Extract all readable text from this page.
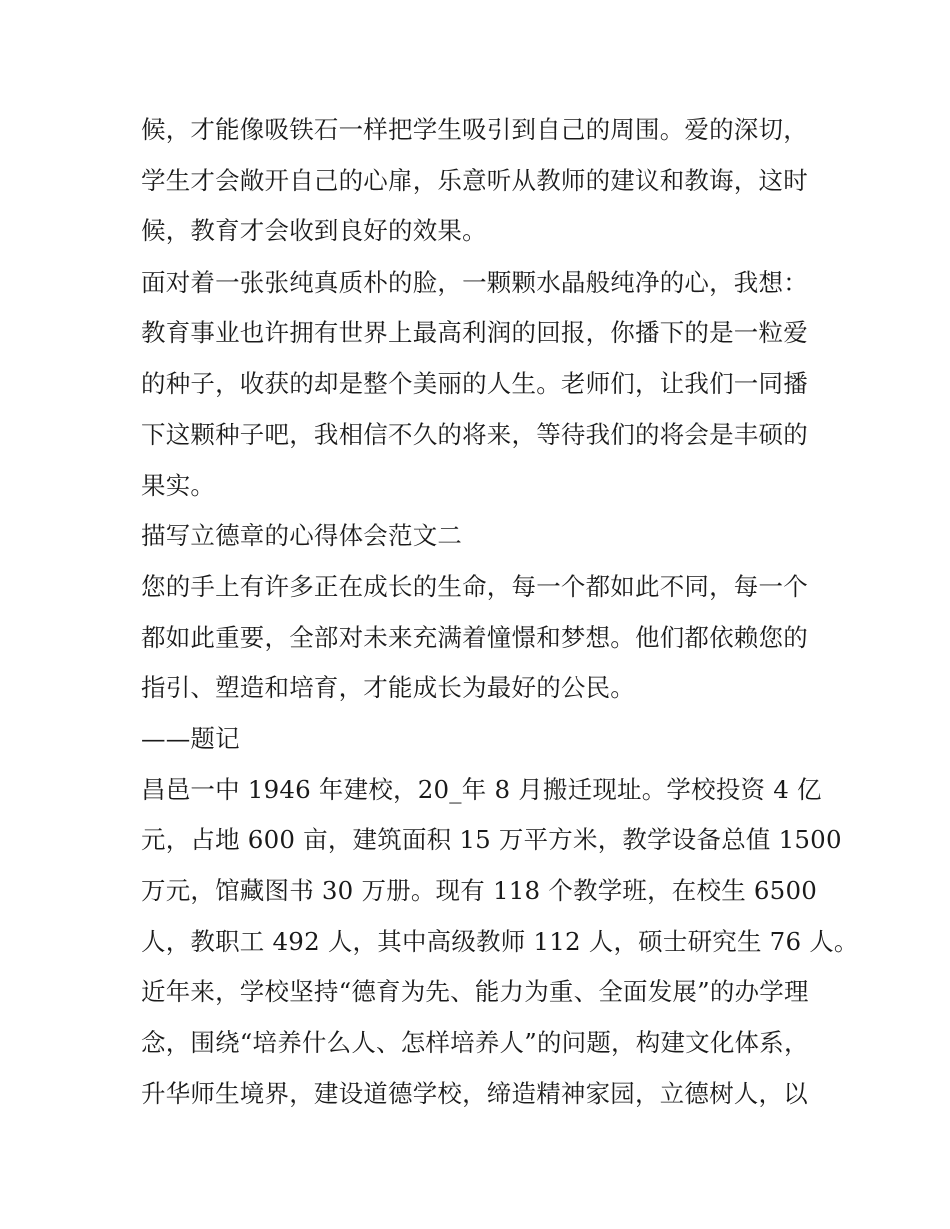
候，才能像吸铁石一样把学生吸引到自己的周围。爱的深切，
学生才会敞开自己的心扉，乐意听从教师的建议和教诲，这时
候，教育才会收到良好的效果。
面对着一张张纯真质朴的脸，一颗颗水晶般纯净的心，我想：
教育事业也许拥有世界上最高利润的回报，你播下的是一粒爱
的种子，收获的却是整个美丽的人生。老师们，让我们一同播
下这颗种子吧，我相信不久的将来，等待我们的将会是丰硕的
果实。
描写立德章的心得体会范文二
您的手上有许多正在成长的生命，每一个都如此不同，每一个
都如此重要，全部对未来充满着憧憬和梦想。他们都依赖您的
指引、塑造和培育，才能成长为最好的公民。
——题记
昌邑一中 1946 年建校，20_年 8 月搬迁现址。学校投资 4 亿
元，占地 600 亩，建筑面积 15 万平方米，教学设备总值 1500
万元，馆藏图书 30 万册。现有 118 个教学班，在校生 6500
人，教职工 492 人，其中高级教师 112 人，硕士研究生 76 人。
近年来，学校坚持“德育为先、能力为重、全面发展”的办学理
念，围绕“培养什么人、怎样培养人”的问题，构建文化体系，
升华师生境界，建设道德学校，缔造精神家园，立德树人，以
